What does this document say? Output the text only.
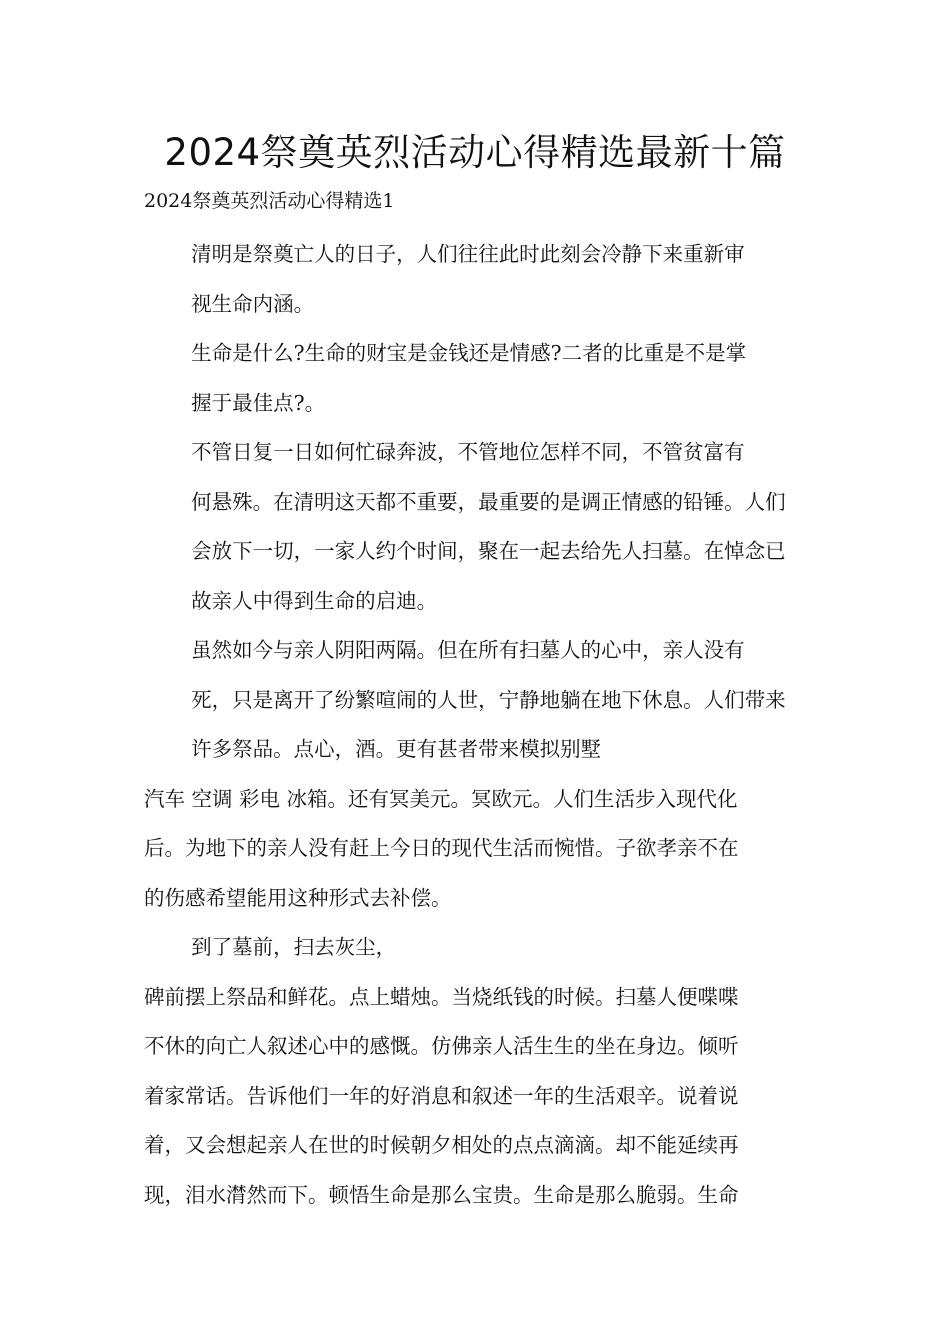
2024祭奠英烈活动心得精选最新十篇
2024祭奠英烈活动心得精选1

清明是祭奠亡人的日子，人们往往此时此刻会冷静下来重新审
视生命内涵。

生命是什么?生命的财宝是金钱还是情感?二者的比重是不是掌
握于最佳点?。

不管日复一日如何忙碌奔波，不管地位怎样不同，不管贫富有
何悬殊。在清明这天都不重要，最重要的是调正情感的铅锤。人们
会放下一切，一家人约个时间，聚在一起去给先人扫墓。在悼念已
故亲人中得到生命的启迪。

虽然如今与亲人阴阳两隔。但在所有扫墓人的心中，亲人没有
死，只是离开了纷繁喧闹的人世，宁静地躺在地下休息。人们带来
许多祭品。点心，酒。更有甚者带来模拟别墅

汽车 空调 彩电 冰箱。还有冥美元。冥欧元。人们生活步入现代化
后。为地下的亲人没有赶上今日的现代生活而惋惜。子欲孝亲不在
的伤感希望能用这种形式去补偿。

到了墓前，扫去灰尘，

碑前摆上祭品和鲜花。点上蜡烛。当烧纸钱的时候。扫墓人便喋喋
不休的向亡人叙述心中的感慨。仿佛亲人活生生的坐在身边。倾听
着家常话。告诉他们一年的好消息和叙述一年的生活艰辛。说着说
着，又会想起亲人在世的时候朝夕相处的点点滴滴。却不能延续再
现，泪水潸然而下。顿悟生命是那么宝贵。生命是那么脆弱。生命
